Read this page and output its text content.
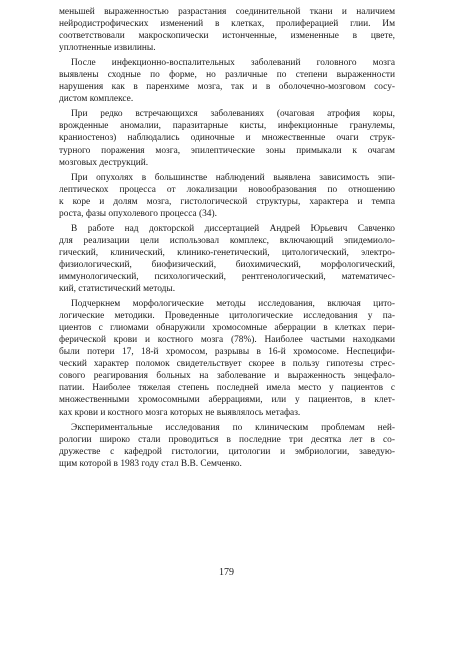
меньшей выраженностью разрастания соединительной ткани и наличием
нейродистрофических изменений в клетках, пролиферацией глии. Им
соответствовали макроскопически истонченные, измененные в цвете,
уплотненные извилины.
После инфекционно-воспалительных заболеваний головного мозга
выявлены сходные по форме, но различные по степени выраженности
нарушения как в паренхиме мозга, так и в оболочечно-мозговом сосу-
дистом комплексе.
При редко встречающихся заболеваниях (очаговая атрофия коры,
врожденные аномалии, паразитарные кисты, инфекционные гранулемы,
краниостеноз) наблюдались одиночные и множественные очаги струк-
турного поражения мозга, эпилептические зоны примыкали к очагам
мозговых деструкций.
При опухолях в большинстве наблюдений выявлена зависимость эпи-
лептическох процесса от локализации новообразования по отношению
к коре и долям мозга, гистологической структуры, характера и темпа
роста, фазы опухолевого процесса (34).
В работе над докторской диссертацией Андрей Юрьевич Савченко
для реализации цели использовал комплекс, включающий эпидемиоло-
гический, клинический, клинико-генетический, цитологический, электро-
физиологический, биофизический, биохимический, морфологический,
иммунологический, психологический, рентгенологический, математичес-
кий, статистический методы.
Подчеркнем морфологические методы исследования, включая цито-
логические методики. Проведенные цитологические исследования у па-
циентов с глиомами обнаружили хромосомные аберрации в клетках пери-
ферической крови и костного мозга (78%). Наиболее частыми находками
были потери 17, 18-й хромосом, разрывы в 16-й хромосоме. Неспецифи-
ческий характер поломок свидетельствует скорее в пользу гипотезы стрес-
сового реагирования больных на заболевание и выраженность энцефало-
патии. Наиболее тяжелая степень последней имела место у пациентов с
множественными хромосомными аберрациями, или у пациентов, в клет-
ках крови и костного мозга которых не выявлялось метафаз.
Экспериментальные исследования по клиническим проблемам ней-
рологии широко стали проводиться в последние три десятка лет в со-
дружестве с кафедрой гистологии, цитологии и эмбриологии, заведую-
щим которой в 1983 году стал В.В. Семченко.
179
